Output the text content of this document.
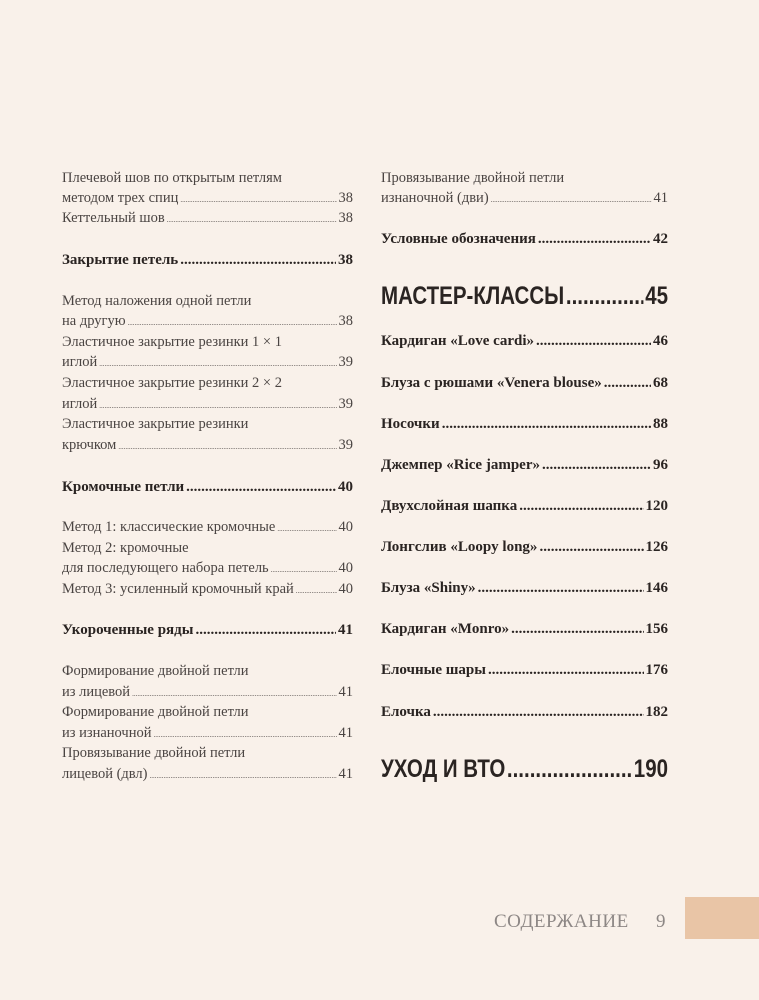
Плечевой шов по открытым петлям
методом трех спиц .....	38
Кеттельный шов .....	38
Закрытие петель .....	38
Метод наложения одной петли
на другую .....	38
Эластичное закрытие резинки 1 × 1
иглой .....	39
Эластичное закрытие резинки 2 × 2
иглой .....	39
Эластичное закрытие резинки
крючком .....	39
Кромочные петли .....	40
Метод 1: классические кромочные .....	40
Метод 2: кромочные
для последующего набора петель .....	40
Метод 3: усиленный кромочный край .....	40
Укороченные ряды .....	41
Формирование двойной петли
из лицевой .....	41
Формирование двойной петли
из изнаночной .....	41
Провязывание двойной петли
лицевой (двл) .....	41
Провязывание двойной петли
изнаночной (дви) .....	41
Условные обозначения .....	42
МАСТЕР-КЛАССЫ .....	45
Кардиган «Love cardi» .....	46
Блуза с рюшами «Venera blouse» .....	68
Носочки .....	88
Джемпер «Rice jamper» .....	96
Двухслойная шапка .....	120
Лонгслив «Loopy long» .....	126
Блуза «Shiny» .....	146
Кардиган «Monro» .....	156
Елочные шары .....	176
Елочка .....	182
УХОД И ВТО .....	190
СОДЕРЖАНИЕ 9
